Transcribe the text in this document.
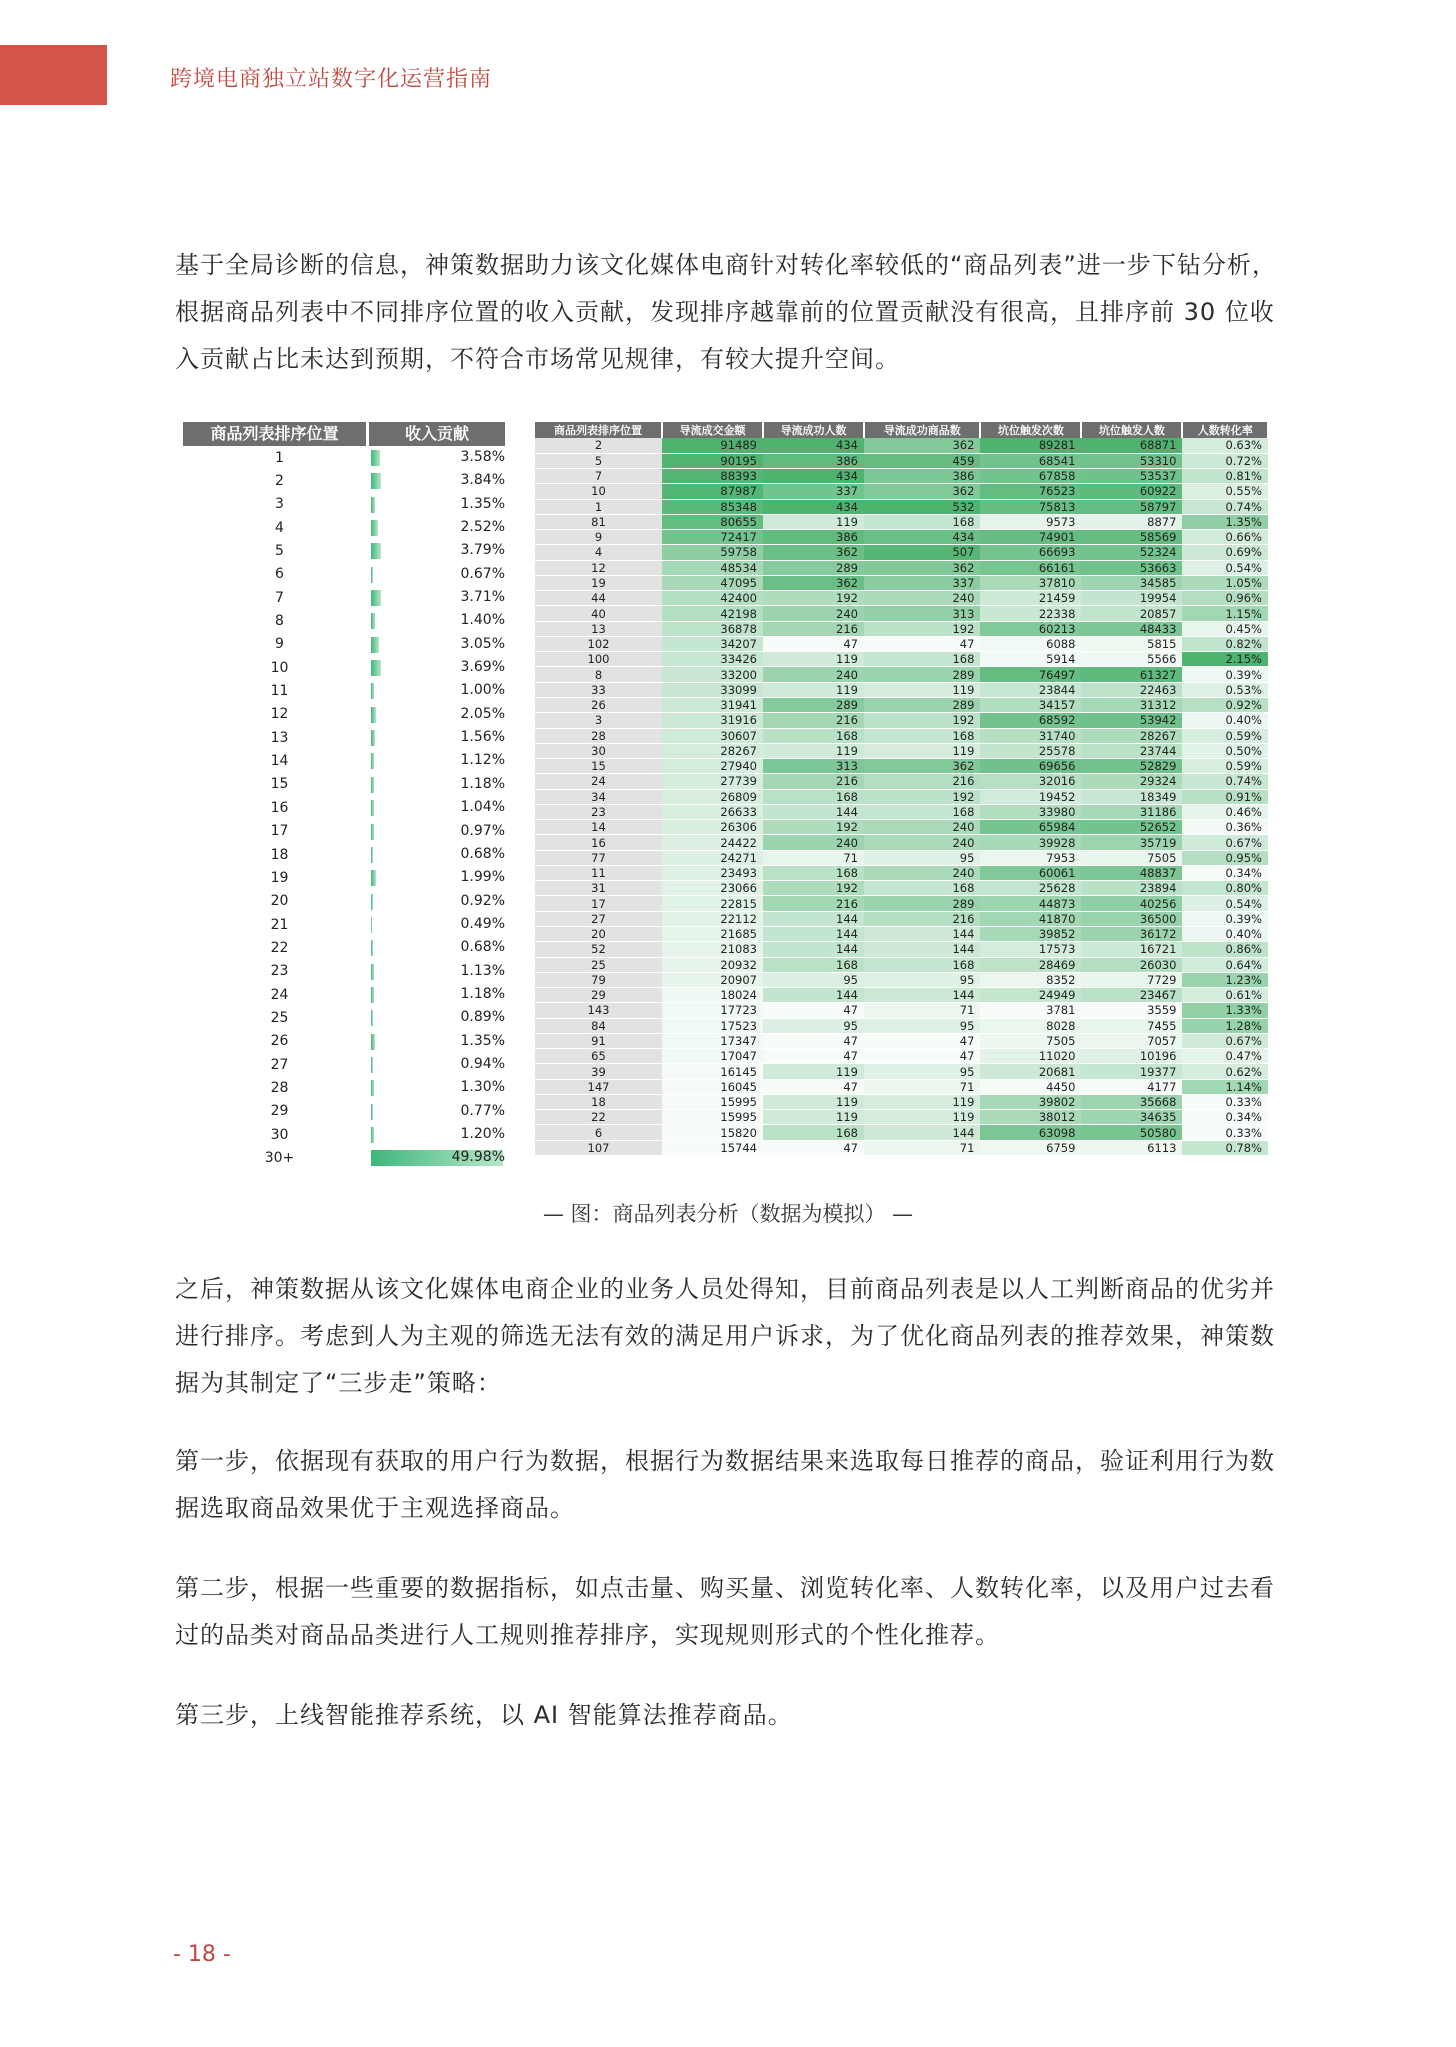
跨境电商独立站数字化运营指南
基于全局诊断的信息，神策数据助力该文化媒体电商针对转化率较低的“商品列表”进一步下钻分析，根据商品列表中不同排序位置的收入贡献，发现排序越靠前的位置贡献没有很高，且排序前 30 位收入贡献占比未达到预期，不符合市场常见规律，有较大提升空间。
商品列表排序位置	收入贡献
1	3.58%
2	3.84%
3	1.35%
4	2.52%
5	3.79%
6	0.67%
7	3.71%
8	1.40%
9	3.05%
10	3.69%
11	1.00%
12	2.05%
13	1.56%
14	1.12%
15	1.18%
16	1.04%
17	0.97%
18	0.68%
19	1.99%
20	0.92%
21	0.49%
22	0.68%
23	1.13%
24	1.18%
25	0.89%
26	1.35%
27	0.94%
28	1.30%
29	0.77%
30	1.20%
30+	49.98%
商品列表排序位置	导流成交金额	导流成功人数	导流成功商品数	坑位触发次数	坑位触发人数	人数转化率
2	91489	434	362	89281	68871	0.63%
5	90195	386	459	68541	53310	0.72%
7	88393	434	386	67858	53537	0.81%
10	87987	337	362	76523	60922	0.55%
1	85348	434	532	75813	58797	0.74%
81	80655	119	168	9573	8877	1.35%
9	72417	386	434	74901	58569	0.66%
4	59758	362	507	66693	52324	0.69%
12	48534	289	362	66161	53663	0.54%
19	47095	362	337	37810	34585	1.05%
44	42400	192	240	21459	19954	0.96%
40	42198	240	313	22338	20857	1.15%
13	36878	216	192	60213	48433	0.45%
102	34207	47	47	6088	5815	0.82%
100	33426	119	168	5914	5566	2.15%
8	33200	240	289	76497	61327	0.39%
33	33099	119	119	23844	22463	0.53%
26	31941	289	289	34157	31312	0.92%
3	31916	216	192	68592	53942	0.40%
28	30607	168	168	31740	28267	0.59%
30	28267	119	119	25578	23744	0.50%
15	27940	313	362	69656	52829	0.59%
24	27739	216	216	32016	29324	0.74%
34	26809	168	192	19452	18349	0.91%
23	26633	144	168	33980	31186	0.46%
14	26306	192	240	65984	52652	0.36%
16	24422	240	240	39928	35719	0.67%
77	24271	71	95	7953	7505	0.95%
11	23493	168	240	60061	48837	0.34%
31	23066	192	168	25628	23894	0.80%
17	22815	216	289	44873	40256	0.54%
27	22112	144	216	41870	36500	0.39%
20	21685	144	144	39852	36172	0.40%
52	21083	144	144	17573	16721	0.86%
25	20932	168	168	28469	26030	0.64%
79	20907	95	95	8352	7729	1.23%
29	18024	144	144	24949	23467	0.61%
143	17723	47	71	3781	3559	1.33%
84	17523	95	95	8028	7455	1.28%
91	17347	47	47	7505	7057	0.67%
65	17047	47	47	11020	10196	0.47%
39	16145	119	95	20681	19377	0.62%
147	16045	47	71	4450	4177	1.14%
18	15995	119	119	39802	35668	0.33%
22	15995	119	119	38012	34635	0.34%
6	15820	168	144	63098	50580	0.33%
107	15744	47	71	6759	6113	0.78%
— 图：商品列表分析（数据为模拟） —
之后，神策数据从该文化媒体电商企业的业务人员处得知，目前商品列表是以人工判断商品的优劣并进行排序。考虑到人为主观的筛选无法有效的满足用户诉求，为了优化商品列表的推荐效果，神策数据为其制定了“三步走”策略：
第一步，依据现有获取的用户行为数据，根据行为数据结果来选取每日推荐的商品，验证利用行为数据选取商品效果优于主观选择商品。
第二步，根据一些重要的数据指标，如点击量、购买量、浏览转化率、人数转化率，以及用户过去看过的品类对商品品类进行人工规则推荐排序，实现规则形式的个性化推荐。
第三步，上线智能推荐系统，以 AI 智能算法推荐商品。
- 18 -
